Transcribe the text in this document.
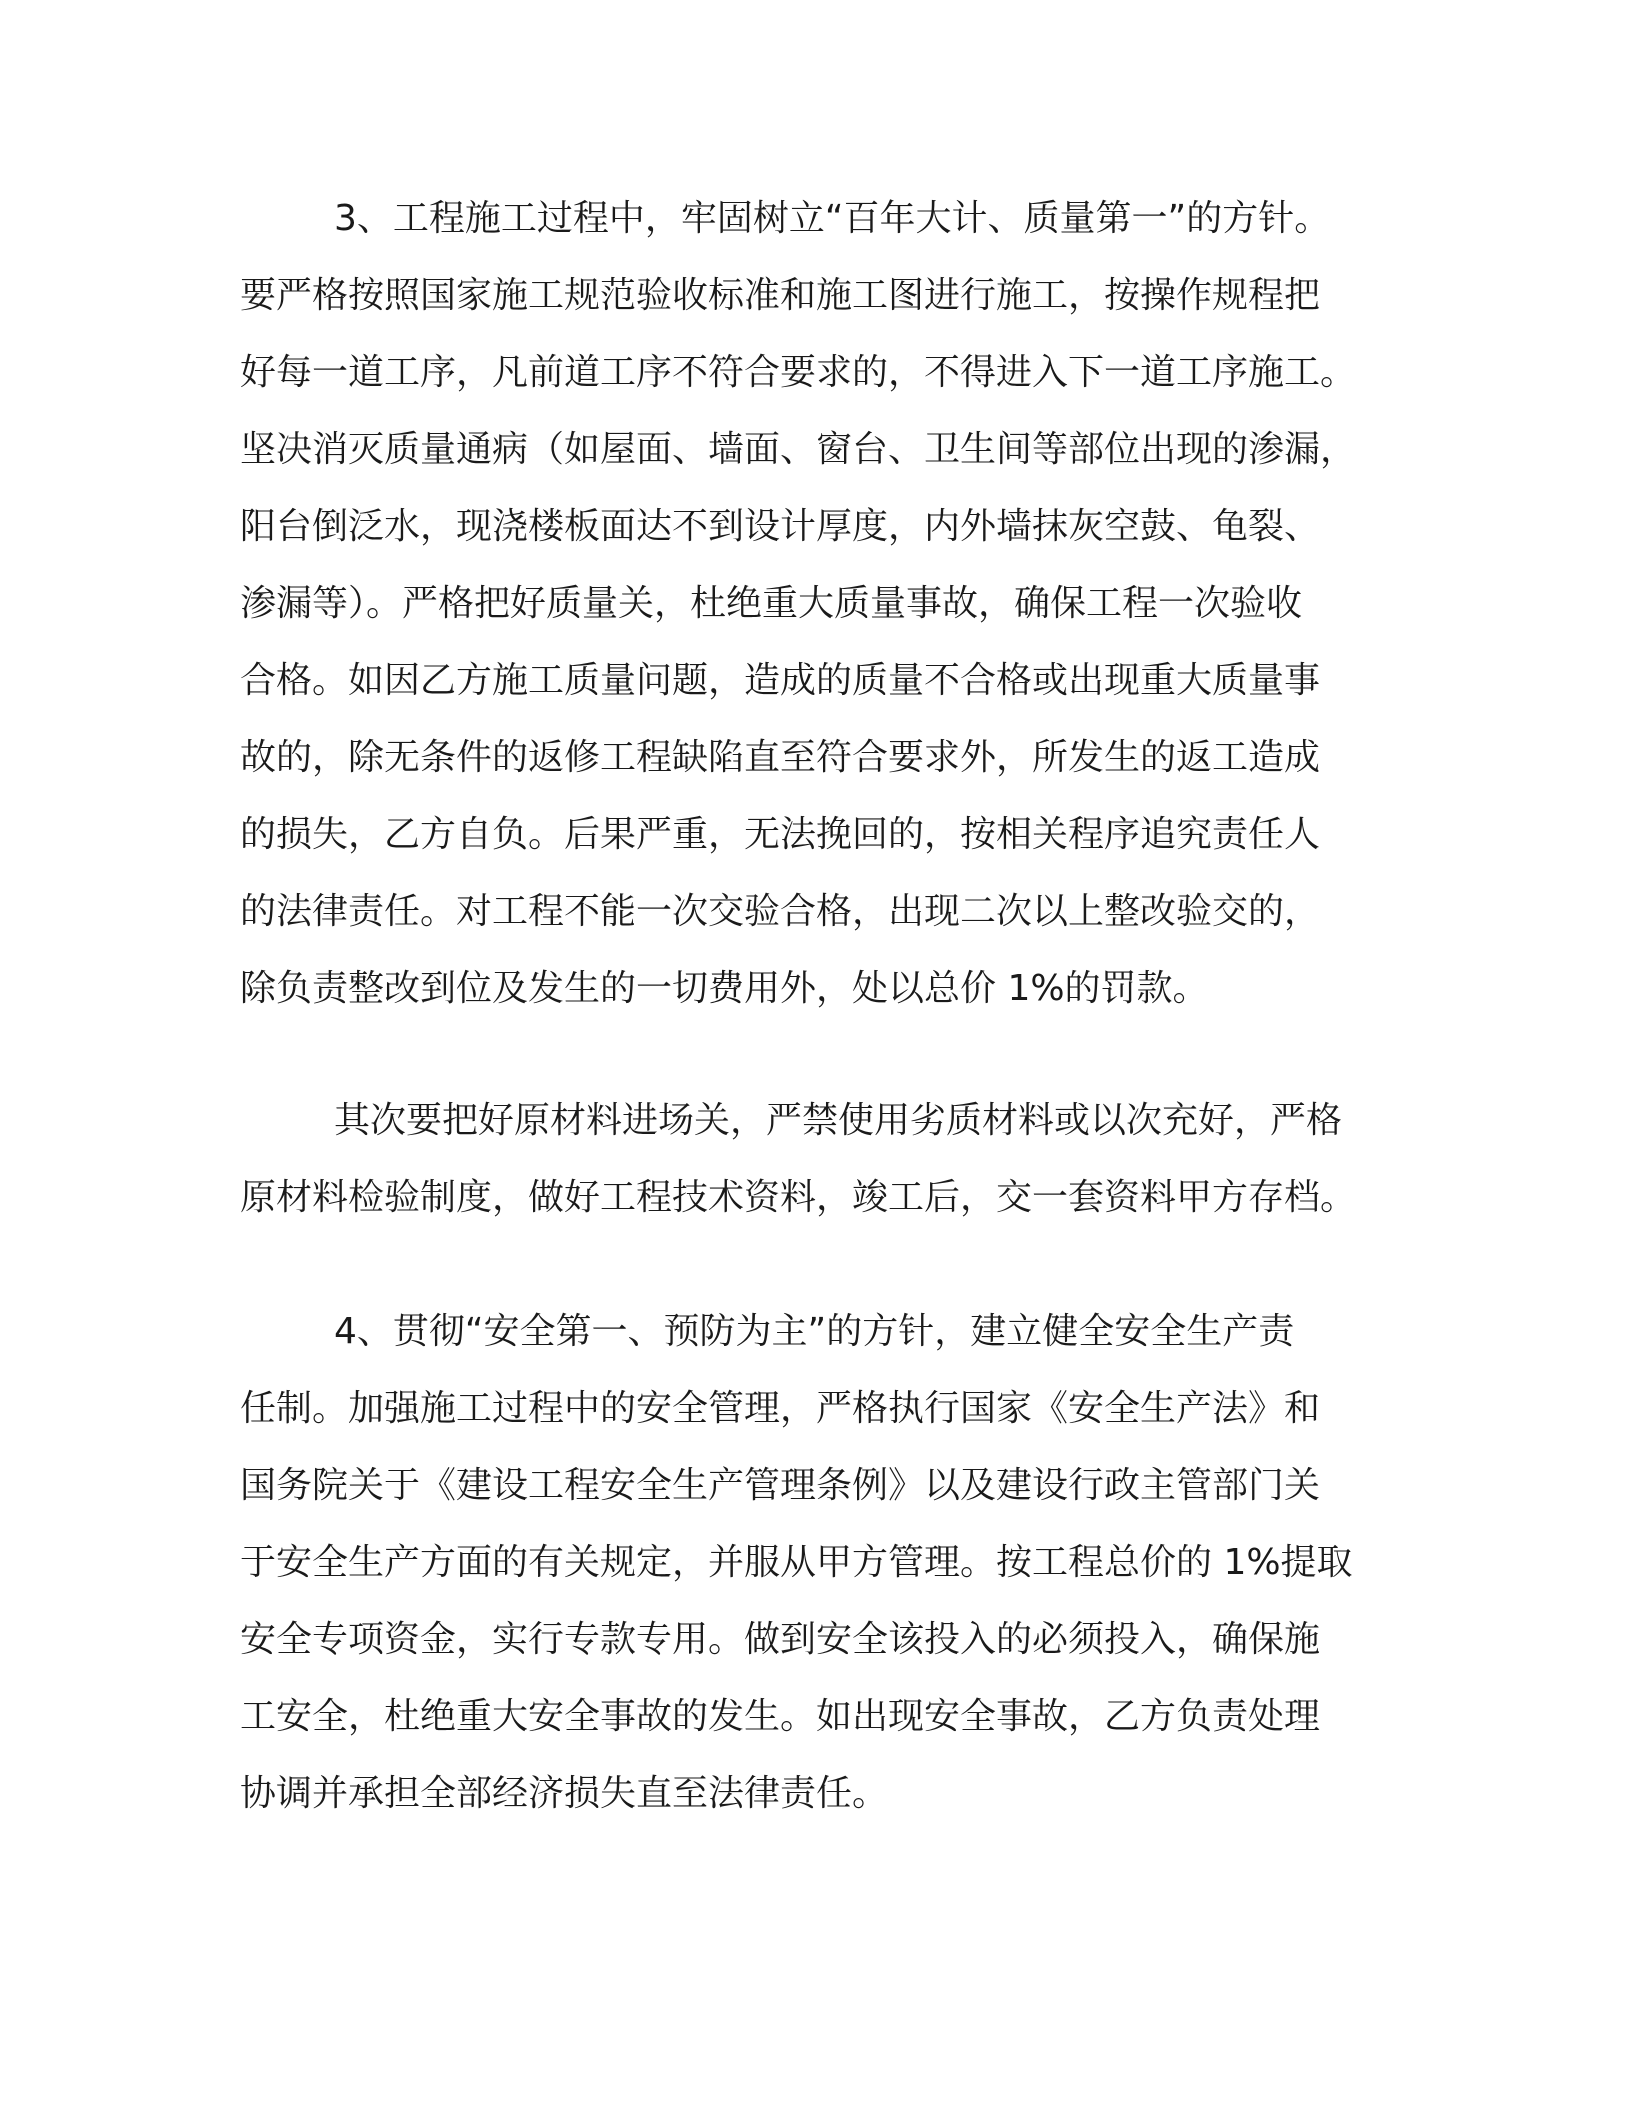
3、工程施工过程中，牢固树立“百年大计、质量第一”的方针。
要严格按照国家施工规范验收标准和施工图进行施工，按操作规程把
好每一道工序，凡前道工序不符合要求的，不得进入下一道工序施工。
坚决消灭质量通病（如屋面、墙面、窗台、卫生间等部位出现的渗漏，
阳台倒泛水，现浇楼板面达不到设计厚度，内外墙抹灰空鼓、龟裂、
渗漏等）。严格把好质量关，杜绝重大质量事故，确保工程一次验收
合格。如因乙方施工质量问题，造成的质量不合格或出现重大质量事
故的，除无条件的返修工程缺陷直至符合要求外，所发生的返工造成
的损失，乙方自负。后果严重，无法挽回的，按相关程序追究责任人
的法律责任。对工程不能一次交验合格，出现二次以上整改验交的，
除负责整改到位及发生的一切费用外，处以总价 1%的罚款。
其次要把好原材料进场关，严禁使用劣质材料或以次充好，严格
原材料检验制度，做好工程技术资料，竣工后，交一套资料甲方存档。
4、贯彻“安全第一、预防为主”的方针，建立健全安全生产责
任制。加强施工过程中的安全管理，严格执行国家《安全生产法》和
国务院关于《建设工程安全生产管理条例》以及建设行政主管部门关
于安全生产方面的有关规定，并服从甲方管理。按工程总价的 1%提取
安全专项资金，实行专款专用。做到安全该投入的必须投入，确保施
工安全，杜绝重大安全事故的发生。如出现安全事故，乙方负责处理
协调并承担全部经济损失直至法律责任。
